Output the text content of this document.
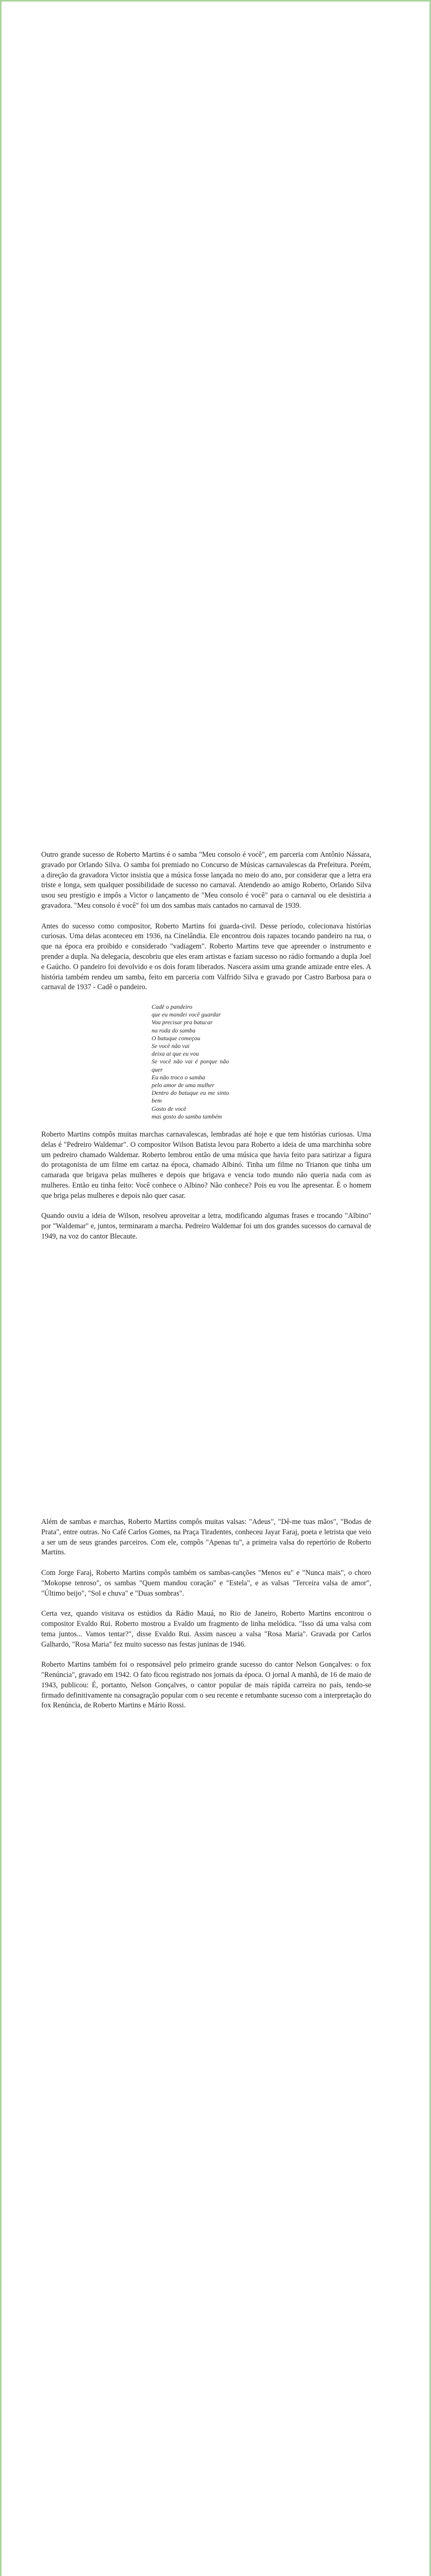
Outro grande sucesso de Roberto Martins é o samba "Meu consolo é você", em parceria com Antônio Nássara, gravado por Orlando Silva. O samba foi premiado no Concurso de Músicas carnavalescas da Prefeitura. Porém, a direção da gravadora Victor insistia que a música fosse lançada no meio do ano, por considerar que a letra era triste e longa, sem qualquer possibilidade de sucesso no carnaval. Atendendo ao amigo Roberto, Orlando Silva usou seu prestígio e impôs a Victor o lançamento de "Meu consolo é você" para o carnaval ou ele desistiria a gravadora. "Meu consolo é você" foi um dos sambas mais cantados no carnaval de 1939.

Antes do sucesso como compositor, Roberto Martins foi guarda-civil. Desse período, colecionava histórias curiosas. Uma delas aconteceu em 1936, na Cinelândia. Ele encontrou dois rapazes tocando pandeiro na rua, o que na época era proibido e considerado "vadiagem". Roberto Martins teve que apreender o instrumento e prender a dupla. Na delegacia, descobriu que eles eram artistas e faziam sucesso no rádio formando a dupla Joel e Gaúcho. O pandeiro foi devolvido e os dois foram liberados. Nascera assim uma grande amizade entre eles. A história também rendeu um samba, feito em parceria com Valfrido Silva e gravado por Castro Barbosa para o carnaval de 1937 - Cadê o pandeiro.

Cadê o pandeiro
que eu mandei você guardar
Vou precisar pra batucar
na roda do samba
O batuque começou
Se você não vai
deixa ai que eu vou
Se você não vai é porque não quer
Eu não troco o samba
pelo amor de uma mulher
Dentro do batuque eu me sinto bem
Gosto de você
mas gosto do samba também

Roberto Martins compôs muitas marchas carnavalescas, lembradas até hoje e que tem histórias curiosas. Uma delas é "Pedreiro Waldemar". O compositor Wilson Batista levou para Roberto a ideia de uma marchinha sobre um pedreiro chamado Waldemar. Roberto lembrou então de uma música que havia feito para satirizar a figura do protagonista de um filme em cartaz na época, chamado Albinó. Tinha um filme no Trianon que tinha um camarada que brigava pelas mulheres e depois que brigava e vencia todo mundo não queria nada com as mulheres. Então eu tinha feito: Você conhece o Albino? Não conhece? Pois eu vou lhe apresentar. É o homem que briga pelas mulheres e depois não quer casar.

Quando ouviu a ideia de Wilson, resolveu aproveitar a letra, modificando algumas frases e trocando "Albino" por "Waldemar" e, juntos, terminaram a marcha. Pedreiro Waldemar foi um dos grandes sucessos do carnaval de 1949, na voz do cantor Blecaute.

Além de sambas e marchas, Roberto Martins compôs muitas valsas: "Adeus", "Dê-me tuas mãos", "Bodas de Prata", entre outras. No Café Carlos Gomes, na Praça Tiradentes, conheceu Jayar Faraj, poeta e letrista que veio a ser um de seus grandes parceiros. Com ele, compôs "Apenas tu", a primeira valsa do repertório de Roberto Martins.

Com Jorge Faraj, Roberto Martins compôs também os sambas-canções "Menos eu" e "Nunca mais", o choro "Mokopse tenroso", os sambas "Quem mandou coração" e "Estela", e as valsas "Terceira valsa de amor", "Último beijo", "Sol e chuva" e "Duas sombras".

Certa vez, quando visitava os estúdios da Rádio Mauá, no Rio de Janeiro, Roberto Martins encontrou o compositor Evaldo Rui. Roberto mostrou a Evaldo um fragmento de linha melódica. "Isso dá uma valsa com tema juntos... Vamos tentar?", disse Evaldo Rui. Assim nasceu a valsa "Rosa Maria". Gravada por Carlos Galhardo, "Rosa Maria" fez muito sucesso nas festas juninas de 1946.

Roberto Martins também foi o responsável pelo primeiro grande sucesso do cantor Nelson Gonçalves: o fox "Renúncia", gravado em 1942. O fato ficou registrado nos jornais da época. O jornal A manhã, de 16 de maio de 1943, publicou: É, portanto, Nelson Gonçalves, o cantor popular de mais rápida carreira no país, tendo-se firmado definitivamente na consagração popular com o seu recente e retumbante sucesso com a interpretação do fox Renúncia, de Roberto Martins e Mário Rossi.
